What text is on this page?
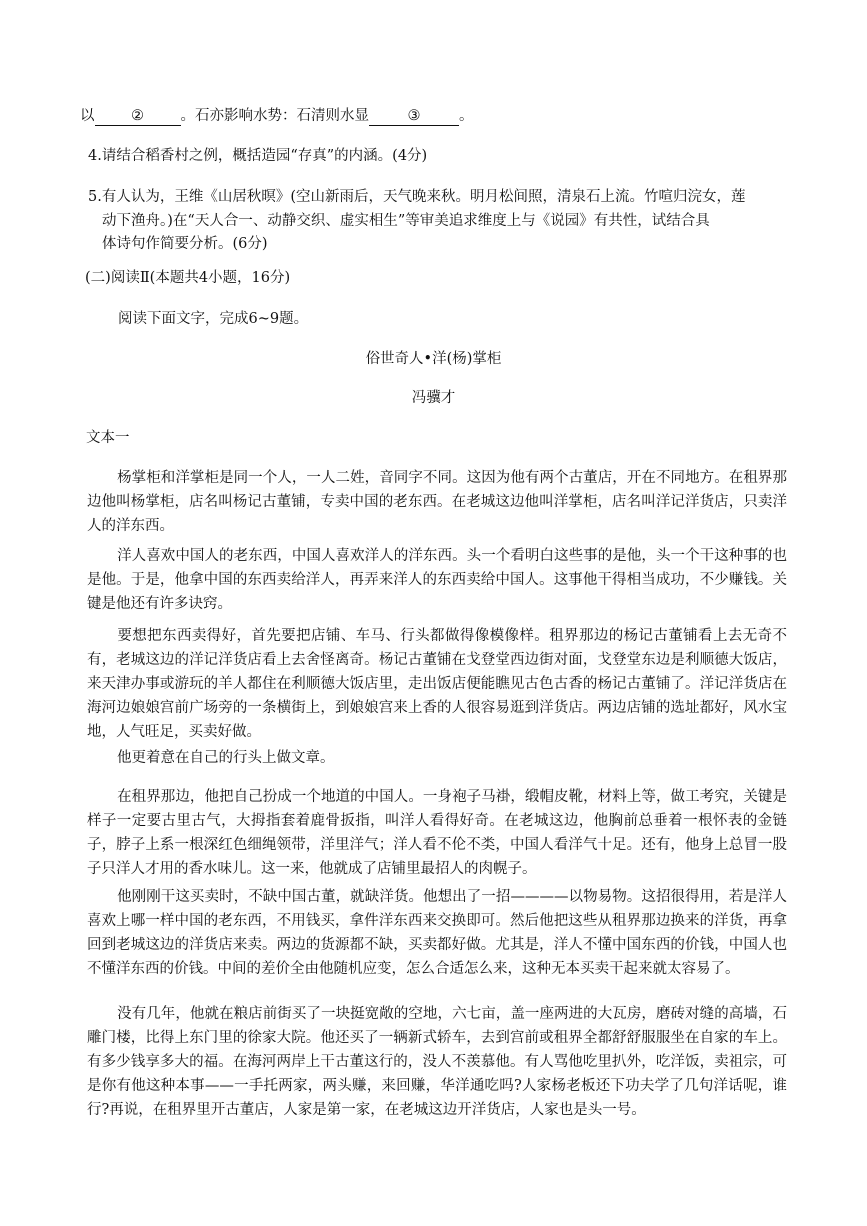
以	②	。石亦影响水势：石清则水显	③	。
4.请结合稻香村之例，概括造园“存真”的内涵。(4分)
5.有人认为，王维《山居秋暝》(空山新雨后，天气晚来秋。明月松间照，清泉石上流。竹喧归浣女，莲
动下渔舟。)在“天人合一、动静交织、虚实相生”等审美追求维度上与《说园》有共性，试结合具
体诗句作简要分析。(6分)
(二)阅读Ⅱ(本题共4小题，16分)
阅读下面文字，完成6~9题。
俗世奇人•洋(杨)掌柜
冯骥才
文本一
杨掌柜和洋掌柜是同一个人，一人二姓，音同字不同。这因为他有两个古董店，开在不同地方。在租界那边他叫杨掌柜，店名叫杨记古董铺，专卖中国的老东西。在老城这边他叫洋掌柜，店名叫洋记洋货店，只卖洋人的洋东西。
洋人喜欢中国人的老东西，中国人喜欢洋人的洋东西。头一个看明白这些事的是他，头一个干这种事的也是他。于是，他拿中国的东西卖给洋人，再弄来洋人的东西卖给中国人。这事他干得相当成功，不少赚钱。关键是他还有许多诀窍。
要想把东西卖得好，首先要把店铺、车马、行头都做得像模像样。租界那边的杨记古董铺看上去无奇不有，老城这边的洋记洋货店看上去舍怪离奇。杨记古董铺在戈登堂西边街对面，戈登堂东边是利顺德大饭店，来天津办事或游玩的羊人都住在利顺德大饭店里，走出饭店便能瞧见古色古香的杨记古董铺了。洋记洋货店在海河边娘娘宫前广场旁的一条横街上，到娘娘宫来上香的人很容易逛到洋货店。两边店铺的选址都好，风水宝地，人气旺足，买卖好做。
他更着意在自己的行头上做文章。
在租界那边，他把自己扮成一个地道的中国人。一身袍子马褂，缎帽皮靴，材料上等，做工考究，关键是样子一定要古里古气，大拇指套着鹿骨扳指，叫洋人看得好奇。在老城这边，他胸前总垂着一根怀表的金链子，脖子上系一根深红色细绳领带，洋里洋气；洋人看不伦不类，中国人看洋气十足。还有，他身上总冒一股子只洋人才用的香水味儿。这一来，他就成了店铺里最招人的肉幌子。
他刚刚干这买卖时，不缺中国古董，就缺洋货。他想出了一招————以物易物。这招很得用，若是洋人喜欢上哪一样中国的老东西，不用钱买，拿件洋东西来交换即可。然后他把这些从租界那边换来的洋货，再拿回到老城这边的洋货店来卖。两边的货源都不缺，买卖都好做。尤其是，洋人不懂中国东西的价钱，中国人也不懂洋东西的价钱。中间的差价全由他随机应变，怎么合适怎么来，这种无本买卖干起来就太容易了。
没有几年，他就在粮店前街买了一块挺宽敞的空地，六七亩，盖一座两进的大瓦房，磨砖对缝的高墙，石雕门楼，比得上东门里的徐家大院。他还买了一辆新式轿车，去到宫前或租界全都舒舒服服坐在自家的车上。有多少钱享多大的福。在海河两岸上干古董这行的，没人不羡慕他。有人骂他吃里扒外，吃洋饭，卖祖宗，可是你有他这种本事——一手托两家，两头赚，来回赚，华洋通吃吗?人家杨老板还下功夫学了几句洋话呢，谁行?再说，在租界里开古董店，人家是第一家，在老城这边开洋货店，人家也是头一号。
